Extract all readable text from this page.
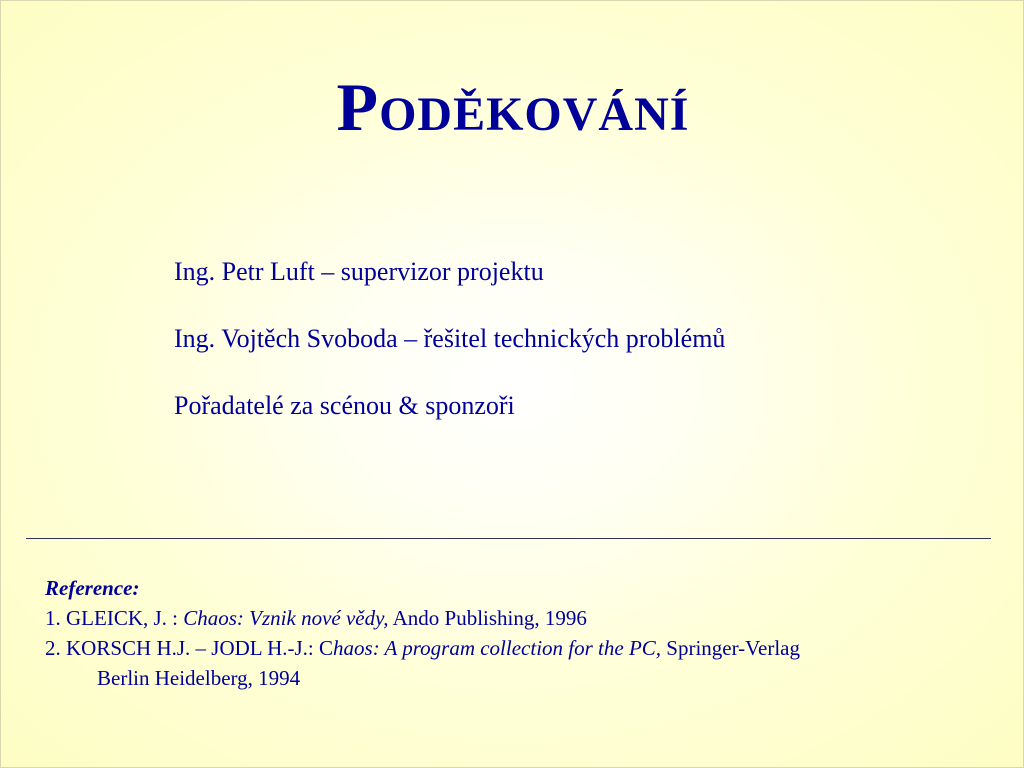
Poděkování
Ing. Petr Luft – supervizor projektu
Ing. Vojtěch Svoboda – řešitel technických problémů
Pořadatelé za scénou & sponzoři
Reference:
1. GLEICK, J. : Chaos: Vznik nové vědy, Ando Publishing, 1996
2. KORSCH H.J. – JODL H.-J.: Chaos: A program collection for the PC, Springer-Verlag
Berlin Heidelberg, 1994
